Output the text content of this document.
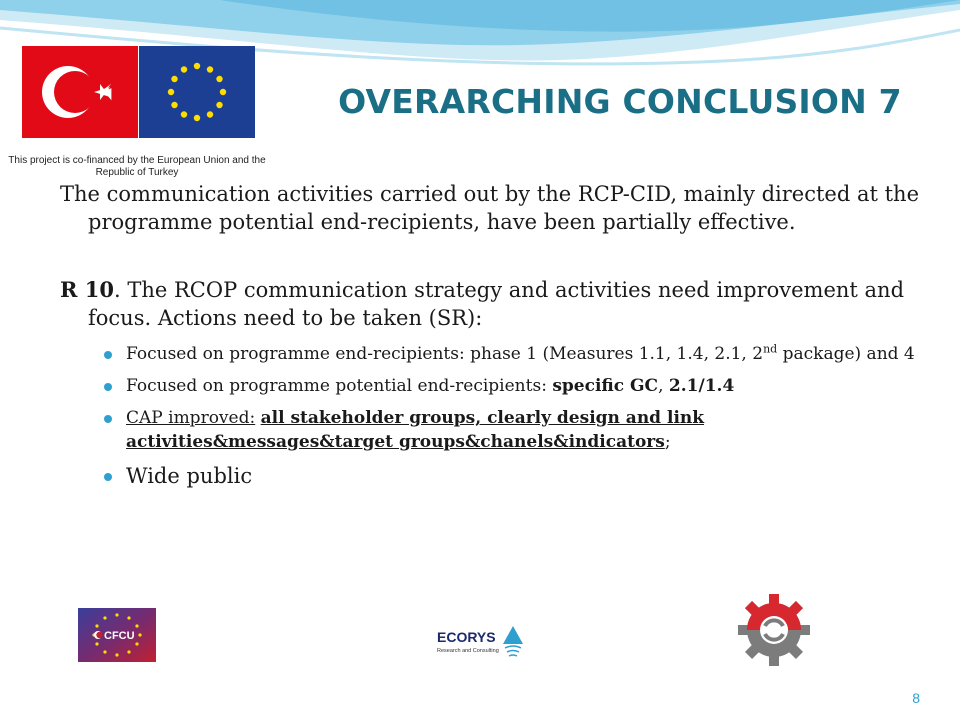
This project is co-financed by the European Union and the Republic of Turkey
OVERARCHING CONCLUSION 7

The communication activities carried out by the RCP-CID, mainly directed at the programme potential end-recipients, have been partially effective.

R 10. The RCOP communication strategy and activities need improvement and focus. Actions need to be taken (SR):

Focused on programme end-recipients: phase 1 (Measures 1.1, 1.4, 2.1, 2nd package) and 4
Focused on programme potential end-recipients: specific GC, 2.1/1.4
CAP improved: all stakeholder groups, clearly design and link activities&messages&target groups&chanels&indicators;
Wide public
CFCU	ECORYS
Research and Consulting
8
